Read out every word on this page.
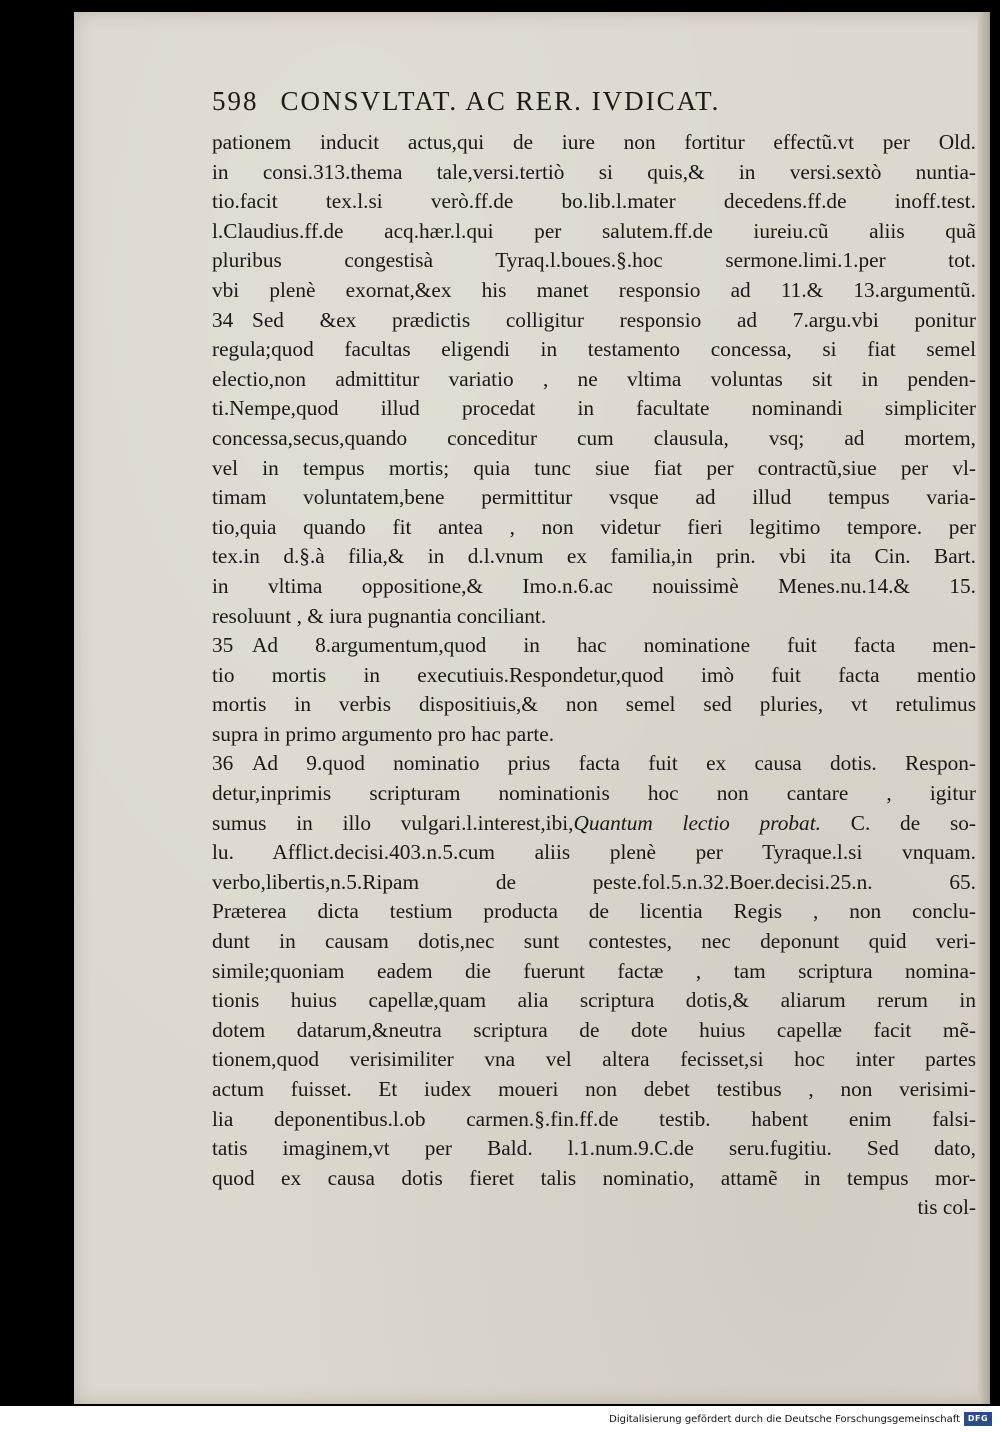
598 CONSVLTAT. AC RER. IVDICAT.
pationem inducit actus,qui de iure non fortitur effectũ.vt per Old.
in consi.313.thema tale,versi.tertiò si quis,& in versi.sextò nuntia-
tio.facit tex.l.si verò.ff.de bo.lib.l.mater decedens.ff.de inoff.test.
l.Claudius.ff.de acq.hær.l.qui per salutem.ff.de iureiu.cũ aliis quã
pluribus congestisà Tyraq.l.boues.§.hoc sermone.limi.1.per tot.
vbi plenè exornat,&ex his manet responsio ad 11.& 13.argumentũ.
34 Sed &ex prædictis colligitur responsio ad 7.argu.vbi ponitur
regula;quod facultas eligendi in testamento concessa, si fiat semel
electio,non admittitur variatio , ne vltima voluntas sit in penden-
ti.Nempe,quod illud procedat in facultate nominandi simpliciter
concessa,secus,quando conceditur cum clausula, vsq; ad mortem,
vel in tempus mortis; quia tunc siue fiat per contractũ,siue per vl-
timam voluntatem,bene permittitur vsque ad illud tempus varia-
tio,quia quando fit antea , non videtur fieri legitimo tempore. per
tex.in d.§.à filia,& in d.l.vnum ex familia,in prin. vbi ita Cin. Bart.
in vltima oppositione,& Imo.n.6.ac nouissimè Menes.nu.14.& 15.
resoluunt , & iura pugnantia conciliant.
35 Ad 8.argumentum,quod in hac nominatione fuit facta men-
tio mortis in executiuis.Respondetur,quod imò fuit facta mentio
mortis in verbis dispositiuis,& non semel sed pluries, vt retulimus
supra in primo argumento pro hac parte.
36 Ad 9.quod nominatio prius facta fuit ex causa dotis. Respon-
detur,inprimis scripturam nominationis hoc non cantare , igitur
sumus in illo vulgari.l.interest,ibi,Quantum lectio probat. C. de so-
lu. Afflict.decisi.403.n.5.cum aliis plenè per Tyraque.l.si vnquam.
verbo,libertis,n.5.Ripam de peste.fol.5.n.32.Boer.decisi.25.n. 65.
Præterea dicta testium producta de licentia Regis , non conclu-
dunt in causam dotis,nec sunt contestes, nec deponunt quid veri-
simile;quoniam eadem die fuerunt factæ , tam scriptura nomina-
tionis huius capellæ,quam alia scriptura dotis,& aliarum rerum in
dotem datarum,&neutra scriptura de dote huius capellæ facit mẽ-
tionem,quod verisimiliter vna vel altera fecisset,si hoc inter partes
actum fuisset. Et iudex moueri non debet testibus , non verisimi-
lia deponentibus.l.ob carmen.§.fin.ff.de testib. habent enim falsi-
tatis imaginem,vt per Bald. l.1.num.9.C.de seru.fugitiu. Sed dato,
quod ex causa dotis fieret talis nominatio, attamẽ in tempus mor-
tis col-
Digitalisierung gefördert durch die Deutsche Forschungsgemeinschaft DFG
